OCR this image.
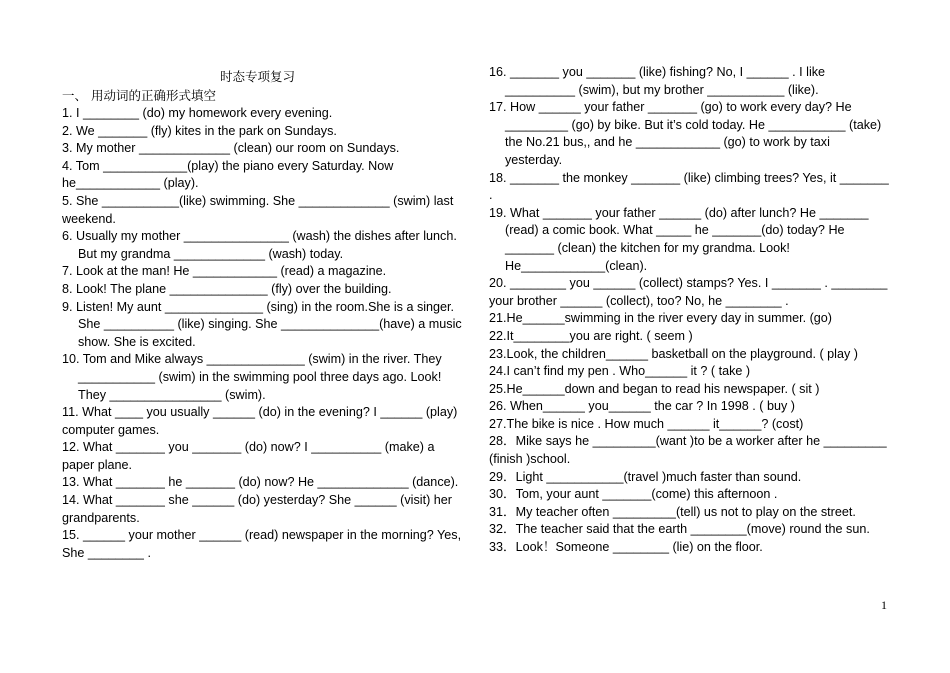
时态专项复习
一、 用动词的正确形式填空

1. I ________ (do) my homework every evening.

2. We _______ (fly) kites in the park on Sundays.

3. My mother _____________ (clean) our room on Sundays.

4. Tom ____________(play) the piano every Saturday. Now he____________ (play).

5. She ___________(like) swimming. She _____________ (swim) last weekend.

6. Usually my mother _______________ (wash) the dishes after lunch. But my grandma _____________ (wash) today.

7. Look at the man! He ____________ (read) a magazine.

8. Look! The plane ______________ (fly) over the building.

9. Listen! My aunt ______________ (sing) in the room.She is a singer. She __________ (like) singing. She ______________(have) a music show. She is excited.

10. Tom and Mike always ______________ (swim) in the river. They ___________ (swim) in the swimming pool three days ago. Look! They ________________ (swim).

11. What ____ you usually ______ (do) in the evening? I ______ (play) computer games.

12. What _______ you _______ (do) now? I __________ (make) a paper plane.

13. What _______ he _______ (do) now? He _____________ (dance).

14. What _______ she ______ (do) yesterday? She ______ (visit) her grandparents.

15. ______ your mother ______ (read) newspaper in the morning? Yes, She ________ .

16. _______ you _______ (like) fishing? No, I ______ . I like __________ (swim), but my brother ___________ (like).

17. How ______ your father _______ (go) to work every day? He _________ (go) by bike. But it’s cold today. He ___________ (take) the No.21 bus,, and he ____________ (go) to work by taxi yesterday.

18. _______ the monkey _______ (like) climbing trees? Yes, it _______ .

19. What _______ your father ______ (do) after lunch? He _______ (read) a comic book. What _____ he _______(do) today? He _______ (clean) the kitchen for my grandma. Look! He____________(clean).

20. ________ you ______ (collect) stamps? Yes. I _______ . ________ your brother ______ (collect), too? No, he ________ .

21.He______swimming in the river every day in summer. (go)

22.It________you are right. ( seem )

23.Look, the children______ basketball on the playground. ( play )

24.I can’t find my pen . Who______ it ? ( take )

25.He______down and began to read his newspaper. ( sit )

26. When______ you______ the car ? In 1998 . ( buy )

27.The bike is nice . How much ______ it______? (cost)

28．Mike says he _________(want )to be a worker after he _________ (finish )school.

29．Light ___________(travel )much faster than sound.

30．Tom, your aunt _______(come) this afternoon .

31．My teacher often _________(tell) us not to play on the street.

32．The teacher said that the earth ________(move) round the sun.

33．Look！Someone ________ (lie) on the floor.

1
